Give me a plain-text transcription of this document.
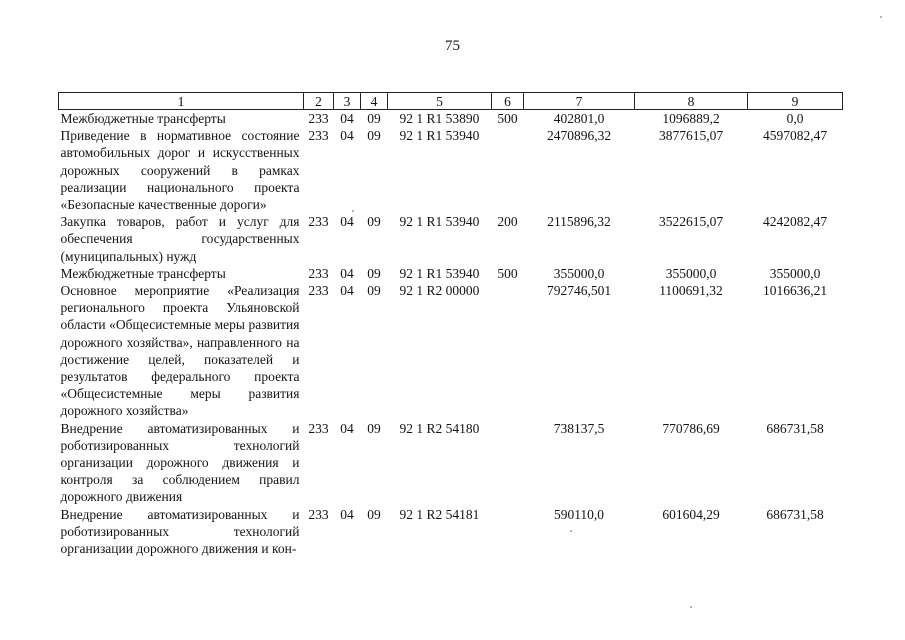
75
1	2	3	4	5	6	7	8	9
Межбюджетные трансферты	233	04	09	92 1 R1 53890	500	402801,0	1096889,2	0,0
Приведение в нормативное состояние автомобильных дорог и искусственных дорожных сооружений в рамках реализации национального проекта «Безопасные качественные дороги»	233	04	09	92 1 R1 53940		2470896,32	3877615,07	4597082,47
Закупка товаров, работ и услуг для обеспечения государственных (муниципальных) нужд	233	04	09	92 1 R1 53940	200	2115896,32	3522615,07	4242082,47
Межбюджетные трансферты	233	04	09	92 1 R1 53940	500	355000,0	355000,0	355000,0
Основное мероприятие «Реализация регионального проекта Ульяновской области «Общесистемные меры развития дорожного хозяйства», направленного на достижение целей, показателей и результатов федерального проекта «Общесистемные меры развития дорожного хозяйства»	233	04	09	92 1 R2 00000		792746,501	1100691,32	1016636,21
Внедрение автоматизированных и роботизированных технологий организации дорожного движения и контроля за соблюдением правил дорожного движения	233	04	09	92 1 R2 54180		738137,5	770786,69	686731,58
Внедрение автоматизированных и роботизированных технологий организации дорожного движения и кон-	233	04	09	92 1 R2 54181		590110,0	601604,29	686731,58
